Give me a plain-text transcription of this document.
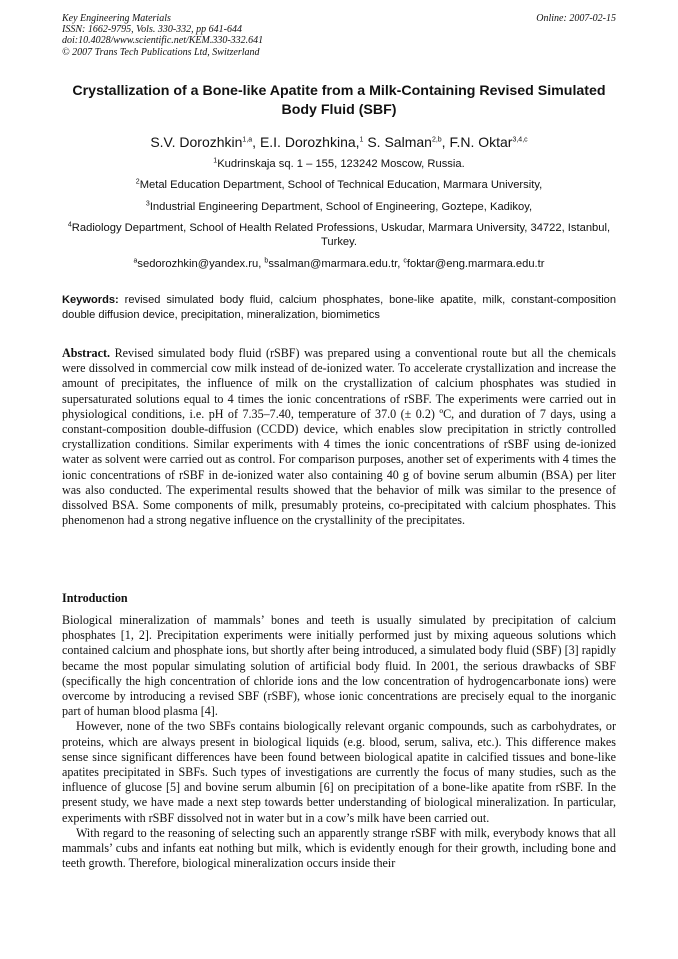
Key Engineering Materials
ISSN: 1662-9795, Vols. 330-332, pp 641-644
doi:10.4028/www.scientific.net/KEM.330-332.641
© 2007 Trans Tech Publications Ltd, Switzerland
Online: 2007-02-15
Crystallization of a Bone-like Apatite from a Milk-Containing Revised Simulated Body Fluid (SBF)
S.V. Dorozhkin$^{1,a}$, E.I. Dorozhkina,$^1$ S. Salman$^{2,b}$, F.N. Oktar$^{3,4,c}$
$^1$Kudrinskaja sq. 1 – 155, 123242 Moscow, Russia.
$^2$Metal Education Department, School of Technical Education, Marmara University,
$^3$Industrial Engineering Department, School of Engineering, Goztepe, Kadikoy,
$^4$Radiology Department, School of Health Related Professions, Uskudar, Marmara University, 34722, Istanbul, Turkey.
$^a$sedorozhkin@yandex.ru, $^b$ssalman@marmara.edu.tr, $^c$foktar@eng.marmara.edu.tr
Keywords: revised simulated body fluid, calcium phosphates, bone-like apatite, milk, constant-composition double diffusion device, precipitation, mineralization, biomimetics
Abstract. Revised simulated body fluid (rSBF) was prepared using a conventional route but all the chemicals were dissolved in commercial cow milk instead of de-ionized water. To accelerate crystallization and increase the amount of precipitates, the influence of milk on the crystallization of calcium phosphates was studied in supersaturated solutions equal to 4 times the ionic concentrations of rSBF. The experiments were carried out in physiological conditions, i.e. pH of 7.35–7.40, temperature of 37.0 (± 0.2) ºC, and duration of 7 days, using a constant-composition double-diffusion (CCDD) device, which enables slow precipitation in strictly controlled crystallization conditions. Similar experiments with 4 times the ionic concentrations of rSBF using de-ionized water as solvent were carried out as control. For comparison purposes, another set of experiments with 4 times the ionic concentrations of rSBF in de-ionized water also containing 40 g of bovine serum albumin (BSA) per liter was also conducted. The experimental results showed that the behavior of milk was similar to the presence of dissolved BSA. Some components of milk, presumably proteins, co-precipitated with calcium phosphates. This phenomenon had a strong negative influence on the crystallinity of the precipitates.
Introduction

Biological mineralization of mammals’ bones and teeth is usually simulated by precipitation of calcium phosphates [1, 2]. Precipitation experiments were initially performed just by mixing aqueous solutions which contained calcium and phosphate ions, but shortly after being introduced, a simulated body fluid (SBF) [3] rapidly became the most popular simulating solution of artificial body fluid. In 2001, the serious drawbacks of SBF (specifically the high concentration of chloride ions and the low concentration of hydrogencarbonate ions) were overcome by introducing a revised SBF (rSBF), whose ionic concentrations are precisely equal to the inorganic part of human blood plasma [4].

However, none of the two SBFs contains biologically relevant organic compounds, such as carbohydrates, or proteins, which are always present in biological liquids (e.g. blood, serum, saliva, etc.). This difference makes sense since significant differences have been found between biological apatite in calcified tissues and bone-like apatites precipitated in SBFs. Such types of investigations are currently the focus of many studies, such as the influence of glucose [5] and bovine serum albumin [6] on precipitation of a bone-like apatite from rSBF. In the present study, we have made a next step towards better understanding of biological mineralization. In particular, experiments with rSBF dissolved not in water but in a cow’s milk have been carried out.

With regard to the reasoning of selecting such an apparently strange rSBF with milk, everybody knows that all mammals’ cubs and infants eat nothing but milk, which is evidently enough for their growth, including bone and teeth growth. Therefore, biological mineralization occurs inside their
